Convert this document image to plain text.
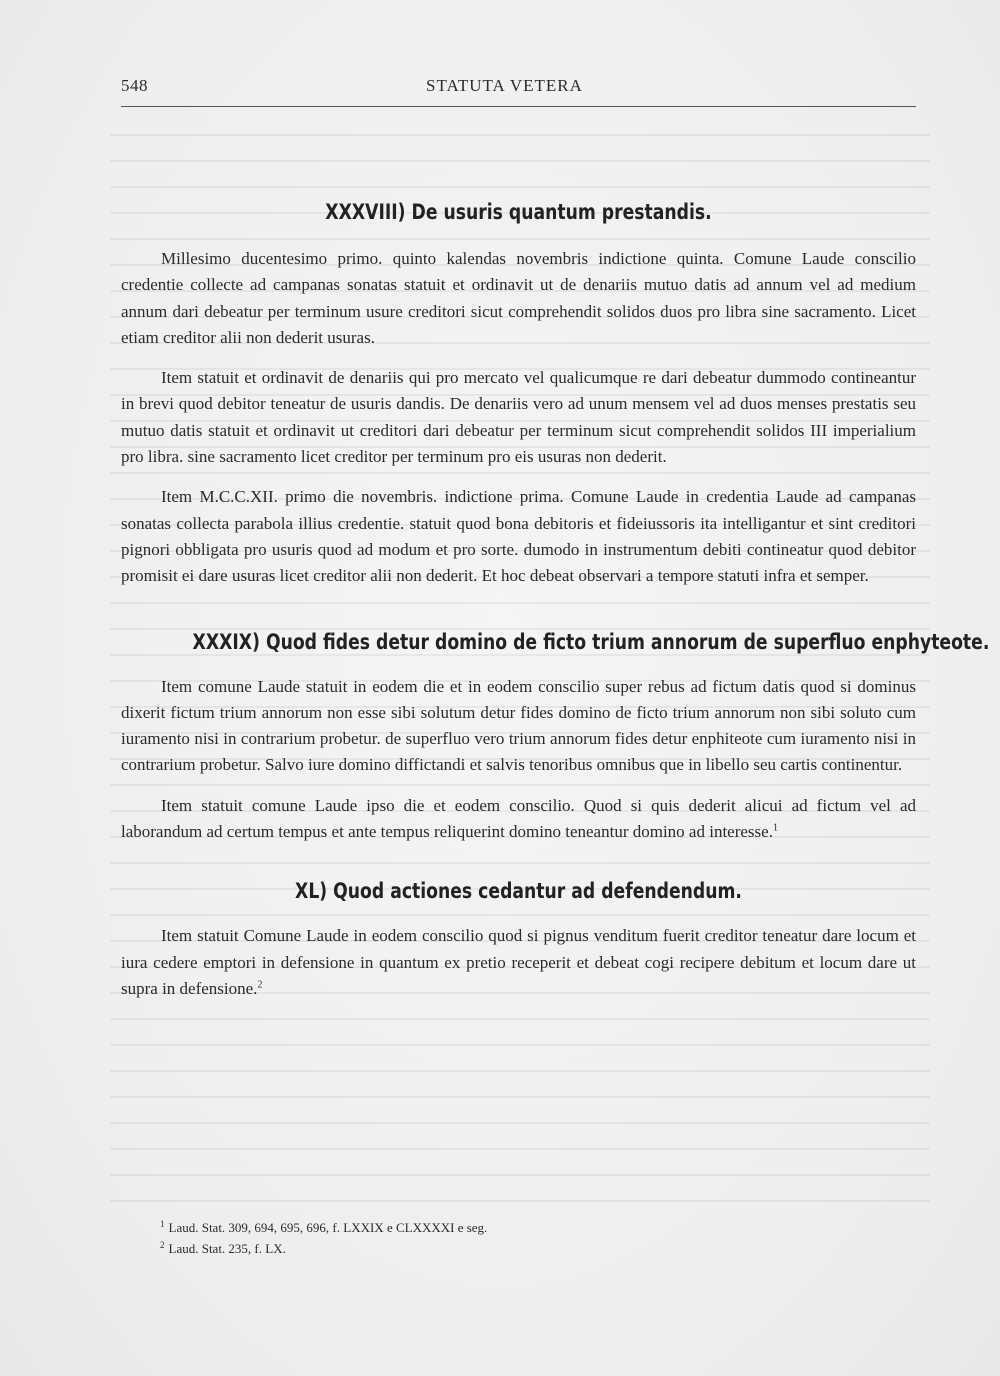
548	STATUTA VETERA
XXXVIII) De usuris quantum prestandis.

Millesimo ducentesimo primo. quinto kalendas novembris indictione quinta. Comune Laude conscilio credentie collecte ad campanas sonatas statuit et ordinavit ut de denariis mutuo datis ad annum vel ad medium annum dari debeatur per terminum usure creditori sicut comprehendit solidos duos pro libra sine sacramento. Licet etiam creditor alii non dederit usuras.

Item statuit et ordinavit de denariis qui pro mercato vel qualicumque re dari debeatur dummodo contineantur in brevi quod debitor teneatur de usuris dandis. De denariis vero ad unum mensem vel ad duos menses prestatis seu mutuo datis statuit et ordinavit ut creditori dari debeatur per terminum sicut comprehendit solidos III imperialium pro libra. sine sacramento licet creditor per terminum pro eis usuras non dederit.

Item M.C.C.XII. primo die novembris. indictione prima. Comune Laude in credentia Laude ad campanas sonatas collecta parabola illius credentie. statuit quod bona debitoris et fideiussoris ita intelligantur et sint creditori pignori obbligata pro usuris quod ad modum et pro sorte. dumodo in instrumentum debiti contineatur quod debitor promisit ei dare usuras licet creditor alii non dederit. Et hoc debeat observari a tempore statuti infra et semper.

XXXIX) Quod fides detur domino de ficto trium annorum de superfluo enphyteote.

Item comune Laude statuit in eodem die et in eodem conscilio super rebus ad fictum datis quod si dominus dixerit fictum trium annorum non esse sibi solutum detur fides domino de ficto trium annorum non sibi soluto cum iuramento nisi in contrarium probetur. de superfluo vero trium annorum fides detur enphiteote cum iuramento nisi in contrarium probetur. Salvo iure domino diffictandi et salvis tenoribus omnibus que in libello seu cartis continentur.

Item statuit comune Laude ipso die et eodem conscilio. Quod si quis dederit alicui ad fictum vel ad laborandum ad certum tempus et ante tempus reliquerint domino teneantur domino ad interesse.$^1$

XL) Quod actiones cedantur ad defendendum.

Item statuit Comune Laude in eodem conscilio quod si pignus venditum fuerit creditor teneatur dare locum et iura cedere emptori in defensione in quantum ex pretio receperit et debeat cogi recipere debitum et locum dare ut supra in defensione.$^2$

$^1$ Laud. Stat. 309, 694, 695, 696, f. LXXIX e CLXXXXI e seg.
$^2$ Laud. Stat. 235, f. LX.
